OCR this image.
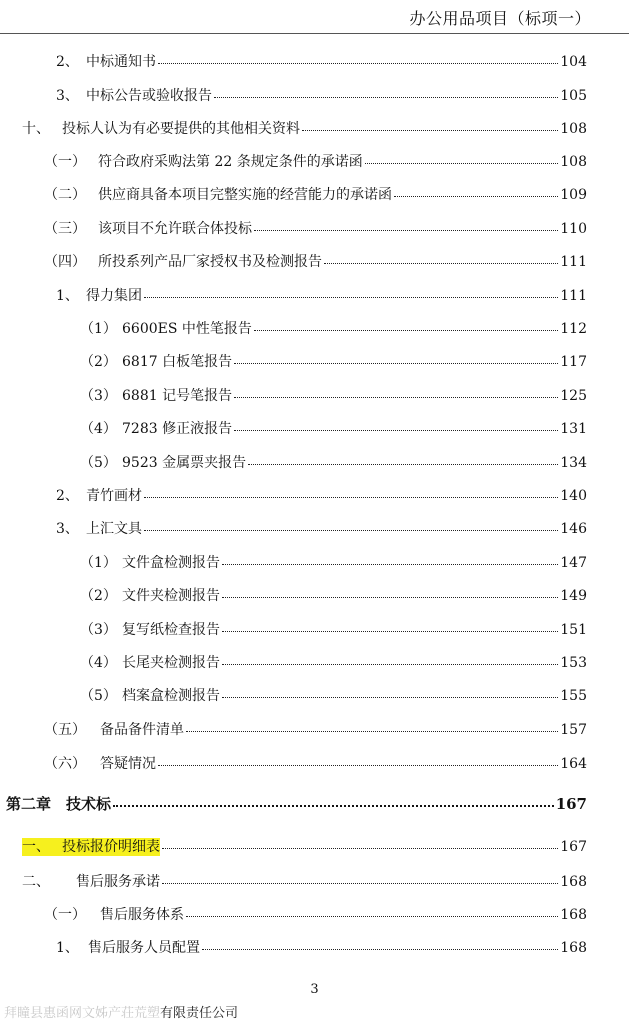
办公用品项目（标项一）
2、 中标通知书	104
3、 中标公告或验收报告	105
十、 投标人认为有必要提供的其他相关资料	108
（一） 符合政府采购法第 22 条规定条件的承诺函	108
（二） 供应商具备本项目完整实施的经营能力的承诺函	109
（三） 该项目不允许联合体投标	110
（四） 所投系列产品厂家授权书及检测报告	111
1、 得力集团	111
（1） 6600ES 中性笔报告	112
（2） 6817 白板笔报告	117
（3） 6881 记号笔报告	125
（4） 7283 修正液报告	131
（5） 9523 金属票夹报告	134
2、 青竹画材	140
3、 上汇文具	146
（1） 文件盒检测报告	147
（2） 文件夹检测报告	149
（3） 复写纸检查报告	151
（4） 长尾夹检测报告	153
（5） 档案盒检测报告	155
（五）	备品备件清单	157
（六）	答疑情况	164
第二章 技术标	167
一、 投标报价明细表	167
二、	售后服务承诺	168
（一）	售后服务体系	168
1、 售后服务人员配置	168
3
拜瞳县惠函网文姊产荘荒塑有限责任公司
